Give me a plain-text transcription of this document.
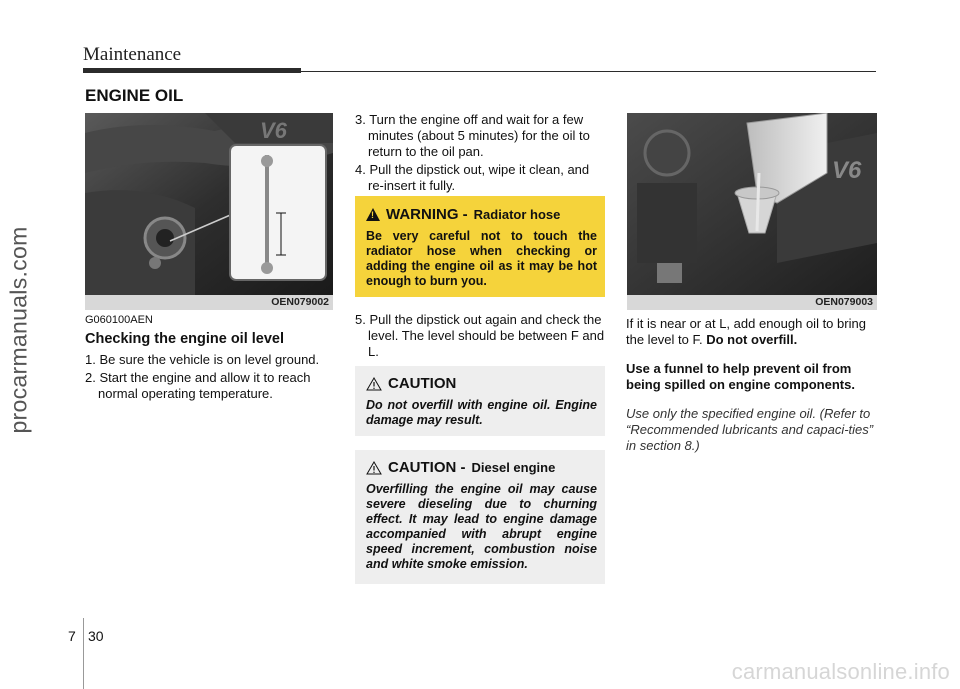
procarmanuals.com
Maintenance
ENGINE OIL
V6
OEN079002
G060100AEN
Checking the engine oil level
1. Be sure the vehicle is on level ground.
2. Start the engine and allow it to reach normal operating temperature.
3. Turn the engine off and wait for a few minutes (about 5 minutes) for the oil to return to the oil pan.
4. Pull the dipstick out, wipe it clean, and re-insert it fully.
!
WARNING - Radiator hose
Be very careful not to touch the radiator hose when checking or adding the engine oil as it may be hot enough to burn you.
5. Pull the dipstick out again and check the level. The level should be between F and L.
CAUTION
Do not overfill with engine oil. Engine damage may result.
CAUTION - Diesel engine
Overfilling the engine oil may cause severe dieseling due to churning effect. It may lead to engine damage accompanied with abrupt engine speed increment, combustion noise and white smoke emission.
V6
OEN079003

If it is near or at L, add enough oil to bring the level to F. Do not overfill.

Use a funnel to help prevent oil from being spilled on engine components.

Use only the specified engine oil. (Refer to “Recommended lubricants and capaci-ties” in section 8.)

7 30
carmanualsonline.info
